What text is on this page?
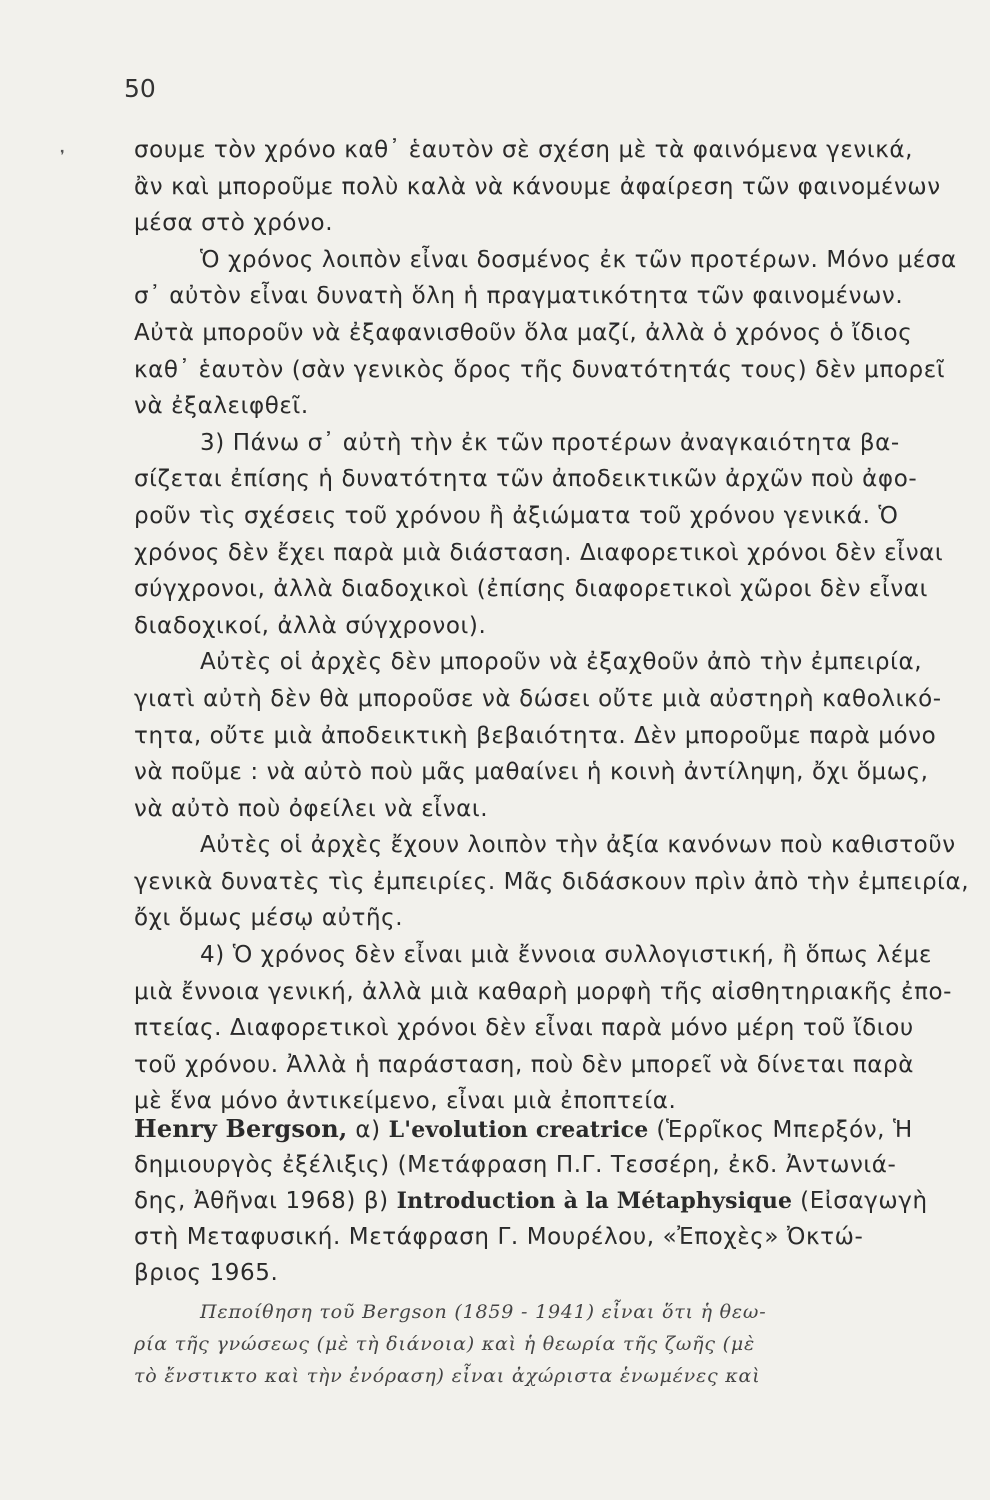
❜
50
σουμε τὸν χρόνο καθ᾽ ἑαυτὸν σὲ σχέση μὲ τὰ φαινόμενα γενικά,
ἂν καὶ μποροῦμε πολὺ καλὰ νὰ κάνουμε ἀφαίρεση τῶν φαινομένων
μέσα στὸ χρόνο.
Ὁ χρόνος λοιπὸν εἶναι δοσμένος ἐκ τῶν προτέρων. Μόνο μέσα
σ᾽ αὐτὸν εἶναι δυνατὴ ὅλη ἡ πραγματικότητα τῶν φαινομένων.
Αὐτὰ μποροῦν νὰ ἐξαφανισθοῦν ὅλα μαζί, ἀλλὰ ὁ χρόνος ὁ ἴδιος
καθ᾽ ἑαυτὸν (σὰν γενικὸς ὅρος τῆς δυνατότητάς τους) δὲν μπορεῖ
νὰ ἐξαλειφθεῖ.
3) Πάνω σ᾽ αὐτὴ τὴν ἐκ τῶν προτέρων ἀναγκαιότητα βα-
σίζεται ἐπίσης ἡ δυνατότητα τῶν ἀποδεικτικῶν ἀρχῶν ποὺ ἀφο-
ροῦν τὶς σχέσεις τοῦ χρόνου ἢ ἀξιώματα τοῦ χρόνου γενικά. Ὁ
χρόνος δὲν ἔχει παρὰ μιὰ διάσταση. Διαφορετικοὶ χρόνοι δὲν εἶναι
σύγχρονοι, ἀλλὰ διαδοχικοὶ (ἐπίσης διαφορετικοὶ χῶροι δὲν εἶναι
διαδοχικοί, ἀλλὰ σύγχρονοι).
Αὐτὲς οἱ ἀρχὲς δὲν μποροῦν νὰ ἐξαχθοῦν ἀπὸ τὴν ἐμπειρία,
γιατὶ αὐτὴ δὲν θὰ μποροῦσε νὰ δώσει οὔτε μιὰ αὐστηρὴ καθολικό-
τητα, οὔτε μιὰ ἀποδεικτικὴ βεβαιότητα. Δὲν μποροῦμε παρὰ μόνο
νὰ ποῦμε : νὰ αὐτὸ ποὺ μᾶς μαθαίνει ἡ κοινὴ ἀντίληψη, ὄχι ὅμως,
νὰ αὐτὸ ποὺ ὀφείλει νὰ εἶναι.
Αὐτὲς οἱ ἀρχὲς ἔχουν λοιπὸν τὴν ἀξία κανόνων ποὺ καθιστοῦν
γενικὰ δυνατὲς τὶς ἐμπειρίες. Μᾶς διδάσκουν πρὶν ἀπὸ τὴν ἐμπειρία,
ὄχι ὅμως μέσῳ αὐτῆς.
4) Ὁ χρόνος δὲν εἶναι μιὰ ἔννοια συλλογιστική, ἢ ὅπως λέμε
μιὰ ἔννοια γενική, ἀλλὰ μιὰ καθαρὴ μορφὴ τῆς αἰσθητηριακῆς ἐπο-
πτείας. Διαφορετικοὶ χρόνοι δὲν εἶναι παρὰ μόνο μέρη τοῦ ἴδιου
τοῦ χρόνου. Ἀλλὰ ἡ παράσταση, ποὺ δὲν μπορεῖ νὰ δίνεται παρὰ
μὲ ἕνα μόνο ἀντικείμενο, εἶναι μιὰ ἐποπτεία.
Henry Bergson, α) L'evolution creatrice (Ἑρρῖκος Μπερξόν, Ἡ
δημιουργὸς ἐξέλιξις) (Μετάφραση Π.Γ. Τεσσέρη, ἐκδ. Ἀντωνιά-
δης, Ἀθῆναι 1968) β) Introduction à la Métaphysique (Εἰσαγωγὴ
στὴ Μεταφυσική. Μετάφραση Γ. Μουρέλου, «Ἐποχὲς» Ὀκτώ-
βριος 1965.
Πεποίθηση τοῦ Bergson (1859 - 1941) εἶναι ὅτι ἡ θεω-
ρία τῆς γνώσεως (μὲ τὴ διάνοια) καὶ ἡ θεωρία τῆς ζωῆς (μὲ
τὸ ἔνστικτο καὶ τὴν ἐνόραση) εἶναι ἀχώριστα ἑνωμένες καὶ
